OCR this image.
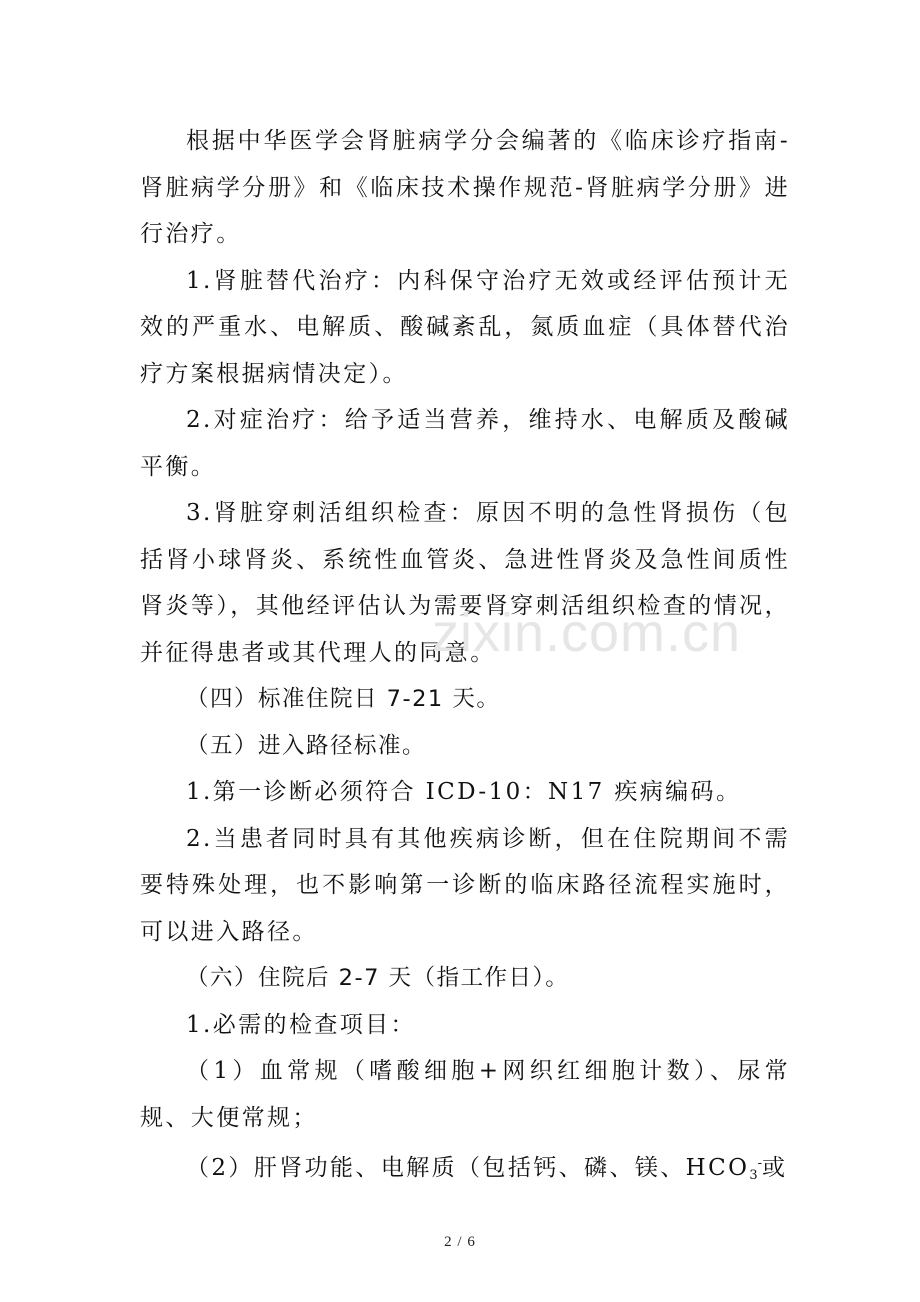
根据中华医学会肾脏病学分会编著的《临床诊疗指南-肾脏病学分册》和《临床技术操作规范-肾脏病学分册》进行治疗。

1.肾脏替代治疗：内科保守治疗无效或经评估预计无效的严重水、电解质、酸碱紊乱，氮质血症（具体替代治疗方案根据病情决定）。

2.对症治疗：给予适当营养，维持水、电解质及酸碱平衡。

3.肾脏穿刺活组织检查：原因不明的急性肾损伤（包括肾小球肾炎、系统性血管炎、急进性肾炎及急性间质性肾炎等），其他经评估认为需要肾穿刺活组织检查的情况，并征得患者或其代理人的同意。

（四）标准住院日 7-21 天。

（五）进入路径标准。

1.第一诊断必须符合 ICD-10：N17 疾病编码。

2.当患者同时具有其他疾病诊断，但在住院期间不需要特殊处理，也不影响第一诊断的临床路径流程实施时，可以进入路径。

（六）住院后 2-7 天（指工作日）。

1.必需的检查项目：

（1）血常规（嗜酸细胞+网织红细胞计数）、尿常规、大便常规；

（2）肝肾功能、电解质（包括钙、磷、镁、$HCO_3^-$或

zixin.com.cn
2 / 6
